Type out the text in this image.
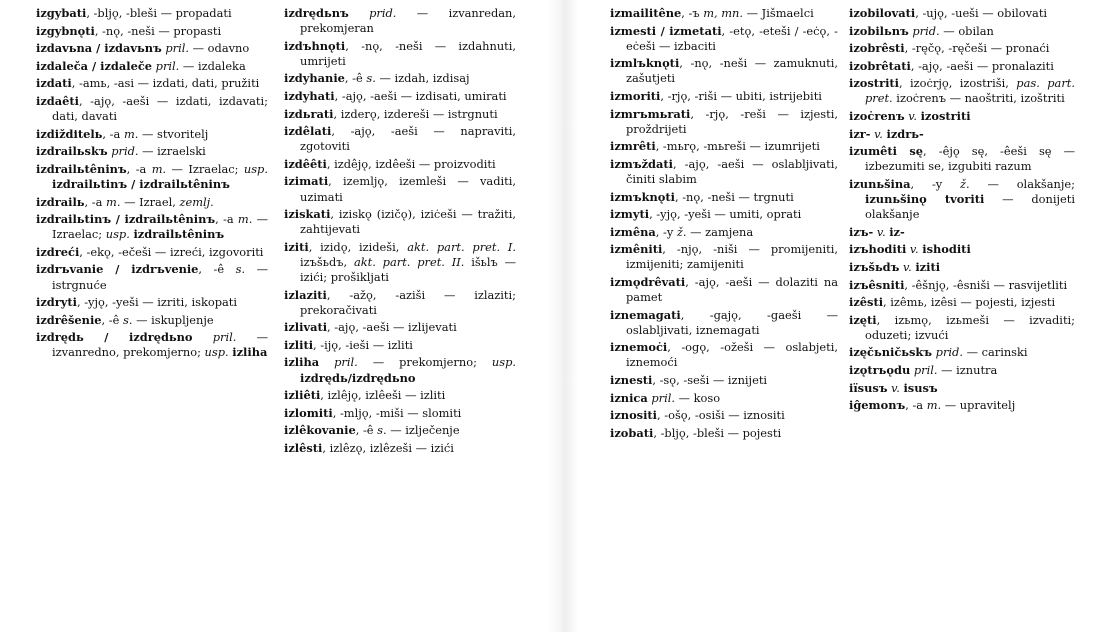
izgybati, -bljǫ, -bleši — propadati
izgybnǫti, -nǫ, -neši — propasti
izdavьna / izdavьnъ pril. — odavno
izdaleča / izdaleče pril. — izdaleka
izdati, -amь, -asi — izdati, dati, pružiti
izdaêti, -ajǫ, -aeši — izdati, izdavati; dati, davati
izdiždіtelь, -a m. — stvoritelj
izdrailьskъ prid. — izraelski
izdrailьtêninъ, -a m. — Izraelac; usp. izdrailьtinъ / izdrailьtêninъ
izdrailь, -a m. — Izrael, zemlj.
izdrailьtinъ / izdrailьtêninъ, -a m. — Izraelac; usp. izdrailьtêninъ
izdreći, -ekǫ, -ečeši — izreći, izgovoriti
izdrъvanie / izdrъvenie, -ê s. — istrgnuće
izdryti, -yjǫ, -yeši — izriti, iskopati
izdrêšenie, -ê s. — iskupljenje
izdrędь / izdrędьno pril. — izvanredno, prekomjerno; usp. izliha
izdrędьnъ prid. — izvanredan, prekomjeran
izdъhnǫti, -nǫ, -neši — izdahnuti, umrijeti
izdyhanie, -ê s. — izdah, izdisaj
izdyhati, -ajǫ, -aeši — izdisati, umirati
izdьrati, izderǫ, izdereši — istrgnuti
izdêlati, -ajǫ, -aeši — napraviti, zgotoviti
izdêêti, izdêjǫ, izdêeši — proizvoditi
izimati, izemljǫ, izemleši — vaditi, uzimati
iziskati, iziskǫ (izičǫ), iziċeši — tražiti, zahtijevati
iziti, izidǫ, izideši, akt. part. pret. I. izъšьdъ, akt. part. pret. II. išьlъ — izići; prošikljati
izlaziti, -ažǫ, -aziši — izlaziti; prekoračivati
izlivati, -ajǫ, -aeši — izlijevati
izliti, -ijǫ, -ieši — izliti
izliha pril. — prekomjerno; usp. izdrędь/izdrędьno
izliêti, izlêjǫ, izlêeši — izliti
izlomiti, -mljǫ, -miši — slomiti
izlêkovanie, -ê s. — izlječenje
izlêsti, izlêzǫ, izlêzeši — izići
izmailitêne, -ъ m, mn. — Jišmaelci
izmesti / izmetati, -etǫ, -eteši / -eċǫ, -eċeši — izbaciti
izmlъknǫti, -nǫ, -neši — zamuknuti, zašutjeti
izmoriti, -rjǫ, -riši — ubiti, istrijebiti
izmrъmьrati, -rjǫ, -reši — izjesti, proždrijeti
izmrêti, -mьrǫ, -mьreši — izumrijeti
izmъždati, -ajǫ, -aeši — oslabljivati, činiti slabim
izmъknǫti, -nǫ, -neši — trgnuti
izmyti, -yjǫ, -yeši — umiti, oprati
izmêna, -y ž. — zamjena
izmêniti, -njǫ, -niši — promijeniti, izmijeniti; zamijeniti
izmǫdrêvati, -ajǫ, -aeši — dolaziti na pamet
iznemagati, -gajǫ, -gaeši — oslabljivati, iznemagati
iznemoċi, -ogǫ, -ožeši — oslabjeti, iznemoći
iznesti, -sǫ, -seši — iznijeti
iznica pril. — koso
iznositi, -ošǫ, -osiši — iznositi
izobati, -bljǫ, -bleši — pojesti
izobilovati, -ujǫ, -ueši — obilovati
izobilьnъ prid. — obilan
izobrêsti, -ręčǫ, -ręčeši — pronaći
izobrêtati, -ajǫ, -aeši — pronalaziti
izostriti, izoċrjǫ, izostriši, pas. part. pret. izoċrenъ — naoštriti, izoštriti
izoċrenъ v. izostriti
izr- v. izdrь-
izumêti sę, -êjǫ sę, -êeši sę — izbezumiti se, izgubiti razum
izunьšina, -y ž. — olakšanje; izunьšinǫ tvoriti — donijeti olakšanje
izъ- v. iz-
izъhoditi v. ishoditi
izъšьdъ v. iziti
izъêsniti, -êšnjǫ, -êsniši — rasvijetliti
izêsti, izêmь, izêsi — pojesti, izjesti
izęti, izьmǫ, izьmeši — izvaditi; oduzeti; izvući
izęčьničьskъ prid. — carinski
izǫtrьǫdu pril. — iznutra
iïsusъ v. isusъ
iĝemonъ, -a m. — upravitelj
